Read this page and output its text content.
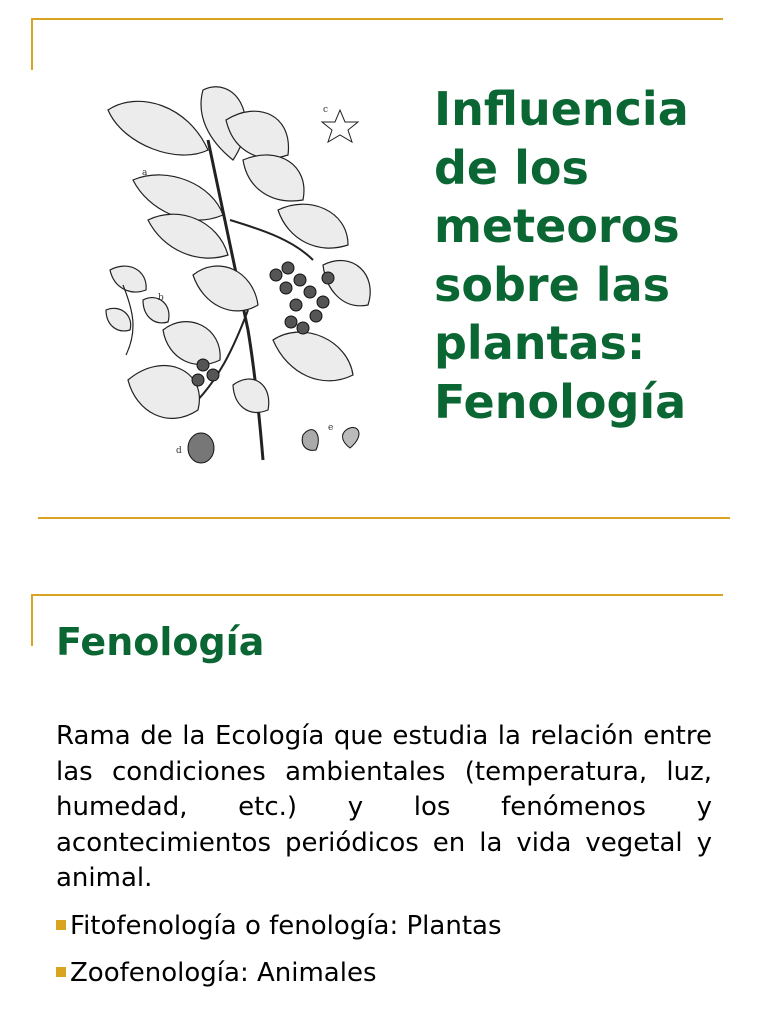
a
b
c
d
e
Influencia
de los
meteoros
sobre las
plantas:
Fenología
Fenología
Rama de la Ecología que estudia la relación entre las condiciones ambientales (temperatura, luz, humedad, etc.) y los fenómenos y acontecimientos periódicos en la vida vegetal y animal.
Fitofenología o fenología: Plantas
Zoofenología: Animales
